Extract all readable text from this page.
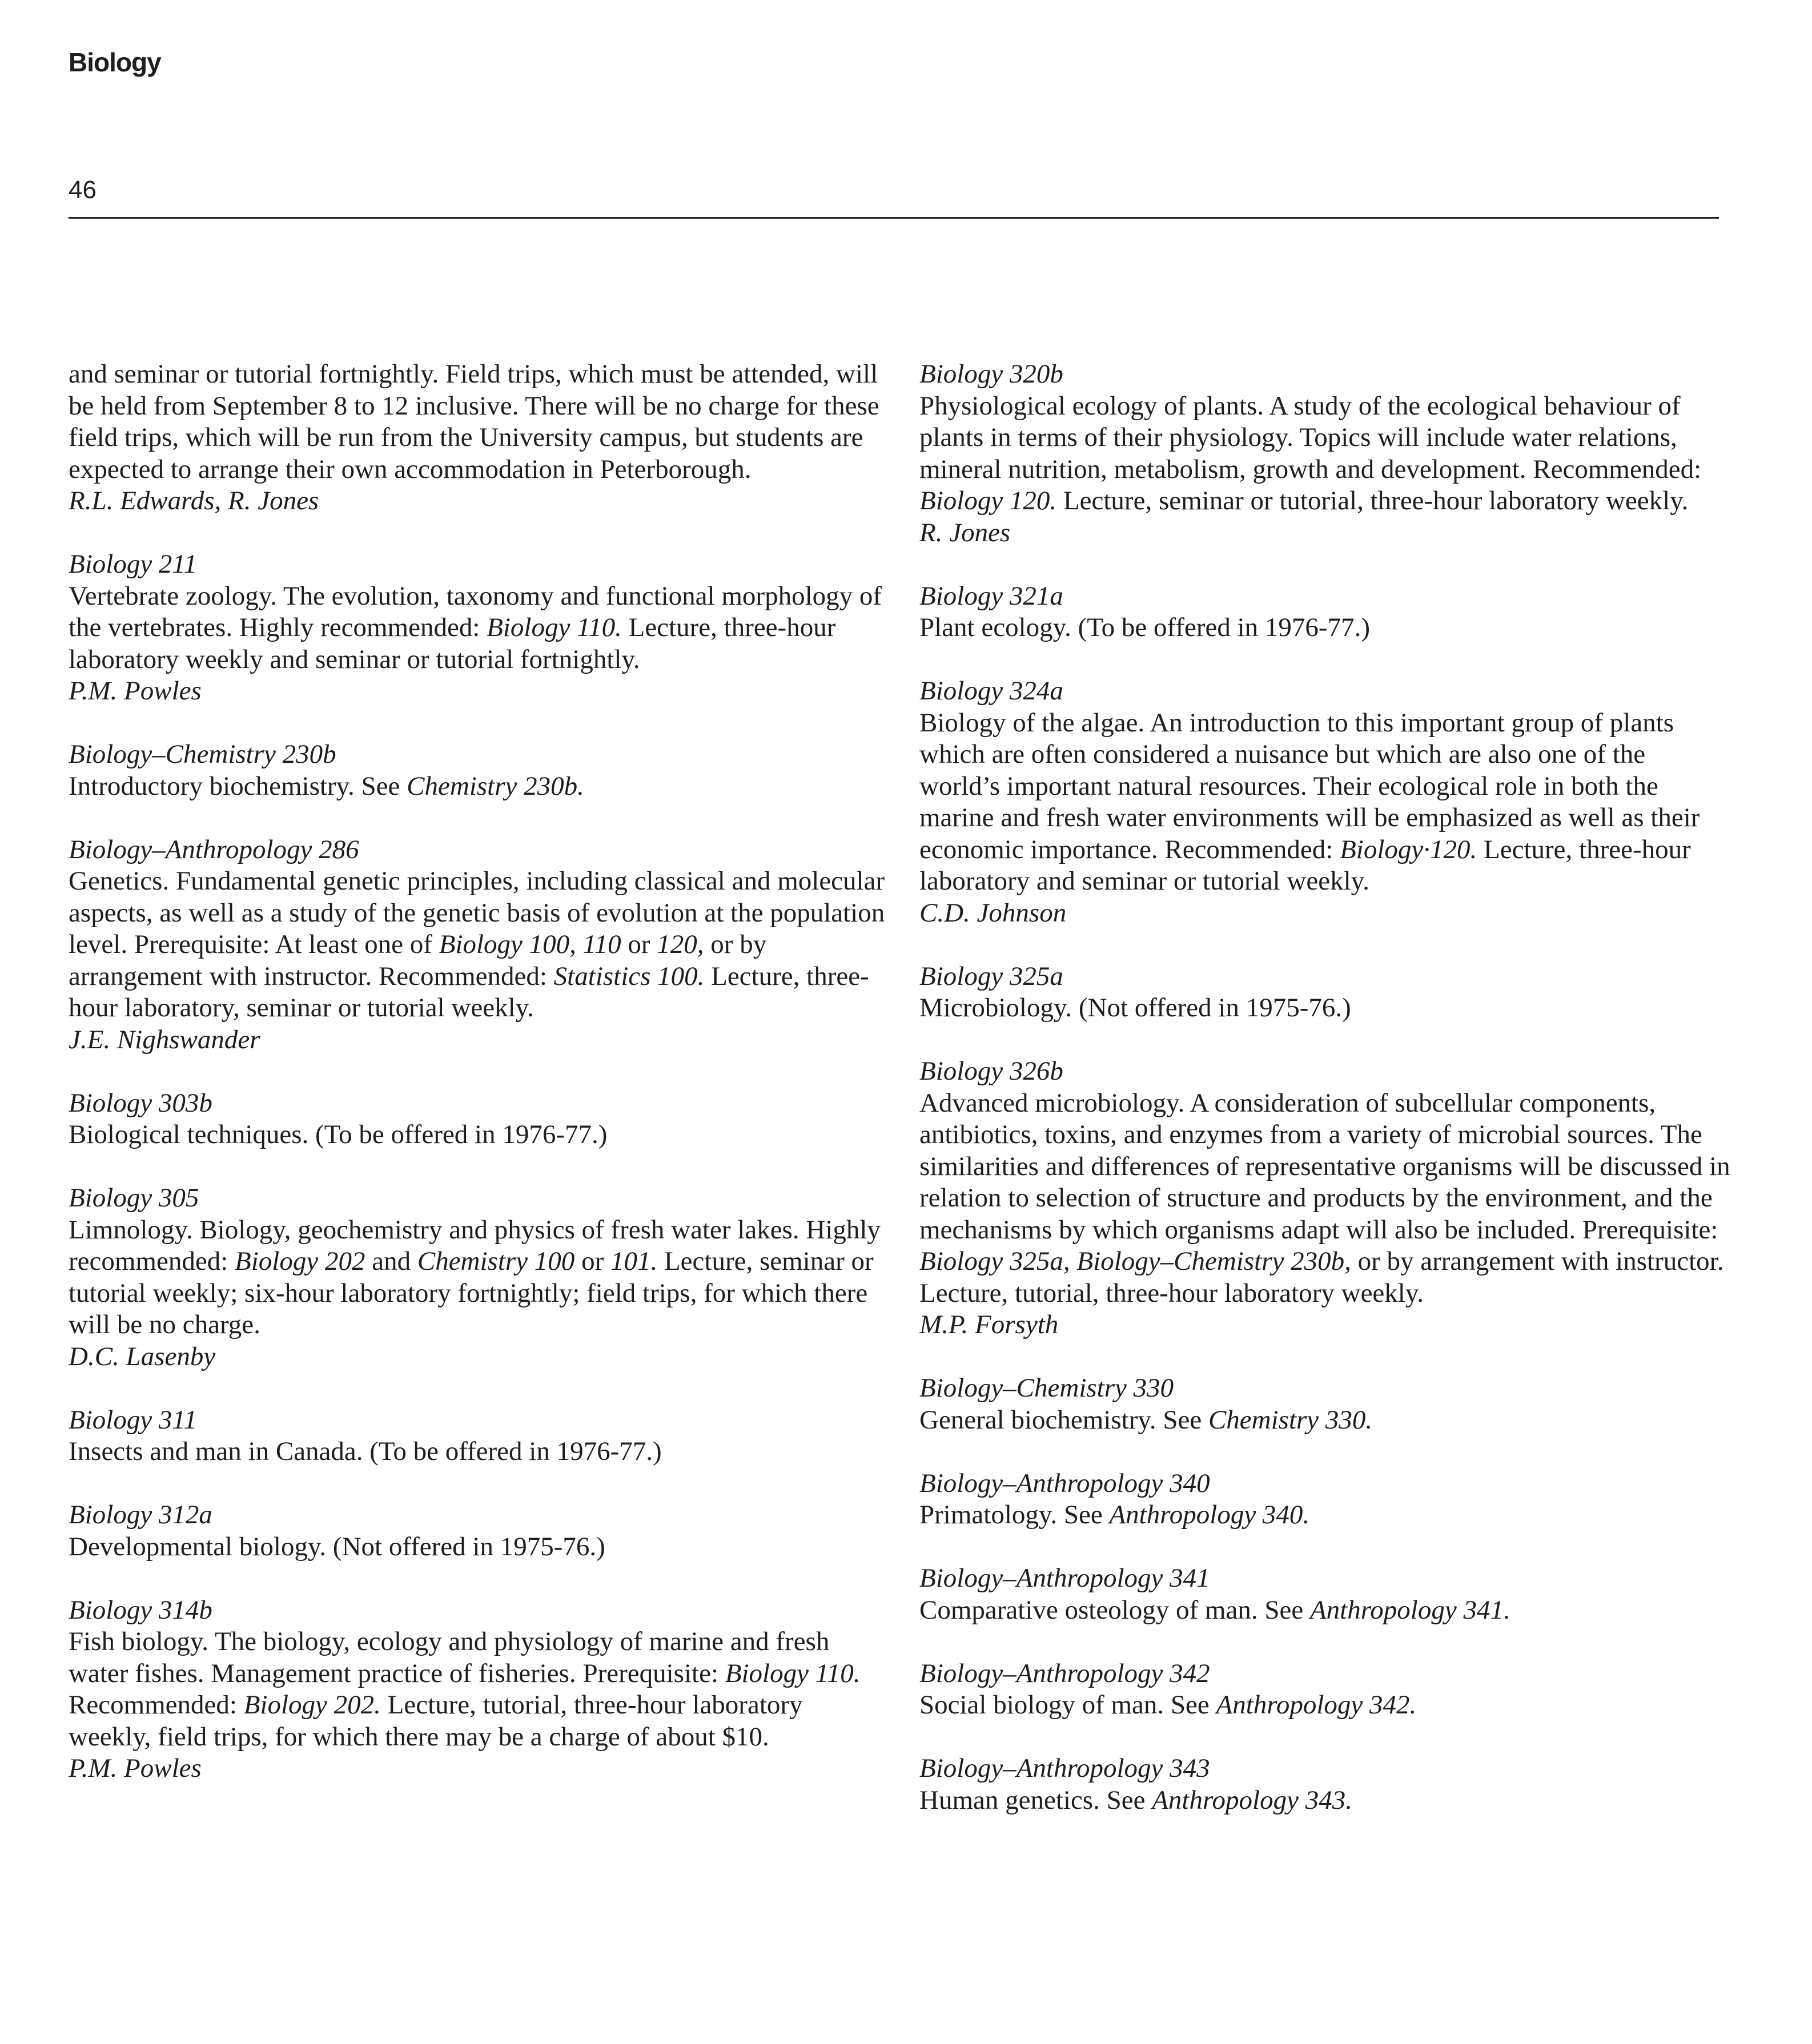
Biology
46

and seminar or tutorial fortnightly. Field trips, which must be attended, will be held from September 8 to 12 inclusive. There will be no charge for these field trips, which will be run from the University campus, but students are expected to arrange their own accommodation in Peterborough.
R.L. Edwards, R. Jones

Biology 211
Vertebrate zoology. The evolution, taxonomy and functional morphology of the vertebrates. Highly recommended: Biology 110. Lecture, three-hour laboratory weekly and seminar or tutorial fortnightly.
P.M. Powles

Biology–Chemistry 230b
Introductory biochemistry. See Chemistry 230b.

Biology–Anthropology 286
Genetics. Fundamental genetic principles, including classical and molecular aspects, as well as a study of the genetic basis of evolution at the population level. Prerequisite: At least one of Biology 100, 110 or 120, or by arrangement with instructor. Recommended: Statistics 100. Lecture, three-hour laboratory, seminar or tutorial weekly.
J.E. Nighswander

Biology 303b
Biological techniques. (To be offered in 1976-77.)

Biology 305
Limnology. Biology, geochemistry and physics of fresh water lakes. Highly recommended: Biology 202 and Chemistry 100 or 101. Lecture, seminar or tutorial weekly; six-hour laboratory fortnightly; field trips, for which there will be no charge.
D.C. Lasenby

Biology 311
Insects and man in Canada. (To be offered in 1976-77.)

Biology 312a
Developmental biology. (Not offered in 1975-76.)

Biology 314b
Fish biology. The biology, ecology and physiology of marine and fresh water fishes. Management practice of fisheries. Prerequisite: Biology 110. Recommended: Biology 202. Lecture, tutorial, three-hour laboratory weekly, field trips, for which there may be a charge of about $10.
P.M. Powles

Biology 320b
Physiological ecology of plants. A study of the ecological behaviour of plants in terms of their physiology. Topics will include water relations, mineral nutrition, metabolism, growth and development. Recommended: Biology 120. Lecture, seminar or tutorial, three-hour laboratory weekly.
R. Jones

Biology 321a
Plant ecology. (To be offered in 1976-77.)

Biology 324a
Biology of the algae. An introduction to this important group of plants which are often considered a nuisance but which are also one of the world’s important natural resources. Their ecological role in both the marine and fresh water environments will be emphasized as well as their economic importance. Recommended: Biology·120. Lecture, three-hour laboratory and seminar or tutorial weekly.
C.D. Johnson

Biology 325a
Microbiology. (Not offered in 1975-76.)

Biology 326b
Advanced microbiology. A consideration of subcellular components, antibiotics, toxins, and enzymes from a variety of microbial sources. The similarities and differences of representative organisms will be discussed in relation to selection of structure and products by the environment, and the mechanisms by which organisms adapt will also be included. Prerequisite: Biology 325a, Biology–Chemistry 230b, or by arrangement with instructor. Lecture, tutorial, three-hour laboratory weekly.
M.P. Forsyth

Biology–Chemistry 330
General biochemistry. See Chemistry 330.

Biology–Anthropology 340
Primatology. See Anthropology 340.

Biology–Anthropology 341
Comparative osteology of man. See Anthropology 341.

Biology–Anthropology 342
Social biology of man. See Anthropology 342.

Biology–Anthropology 343
Human genetics. See Anthropology 343.
